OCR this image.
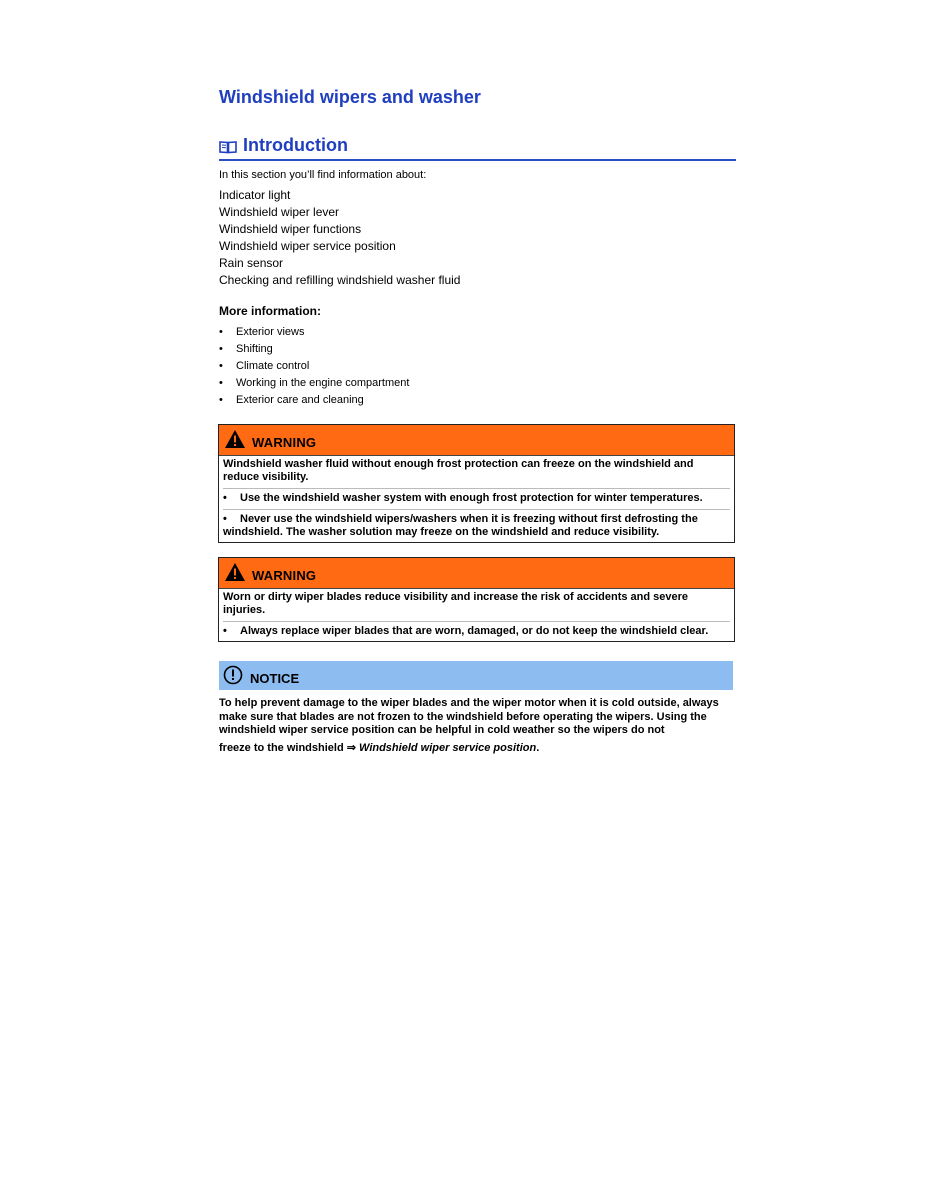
Windshield wipers and washer
Introduction

In this section you’ll find information about:

Indicator light
Windshield wiper lever
Windshield wiper functions
Windshield wiper service position
Rain sensor
Checking and refilling windshield washer fluid

More information:

• Exterior views
• Shifting
• Climate control
• Working in the engine compartment
• Exterior care and cleaning
WARNING

Windshield washer fluid without enough frost protection can freeze on the windshield and reduce visibility.

• Use the windshield washer system with enough frost protection for winter temperatures.

• Never use the windshield wipers/washers when it is freezing without first defrosting the windshield. The washer solution may freeze on the windshield and reduce visibility.

WARNING

Worn or dirty wiper blades reduce visibility and increase the risk of accidents and severe injuries.

• Always replace wiper blades that are worn, damaged, or do not keep the windshield clear.

NOTICE

To help prevent damage to the wiper blades and the wiper motor when it is cold outside, always make sure that blades are not frozen to the windshield before operating the wipers. Using the windshield wiper service position can be helpful in cold weather so the wipers do not

freeze to the windshield ⇒ Windshield wiper service position.
